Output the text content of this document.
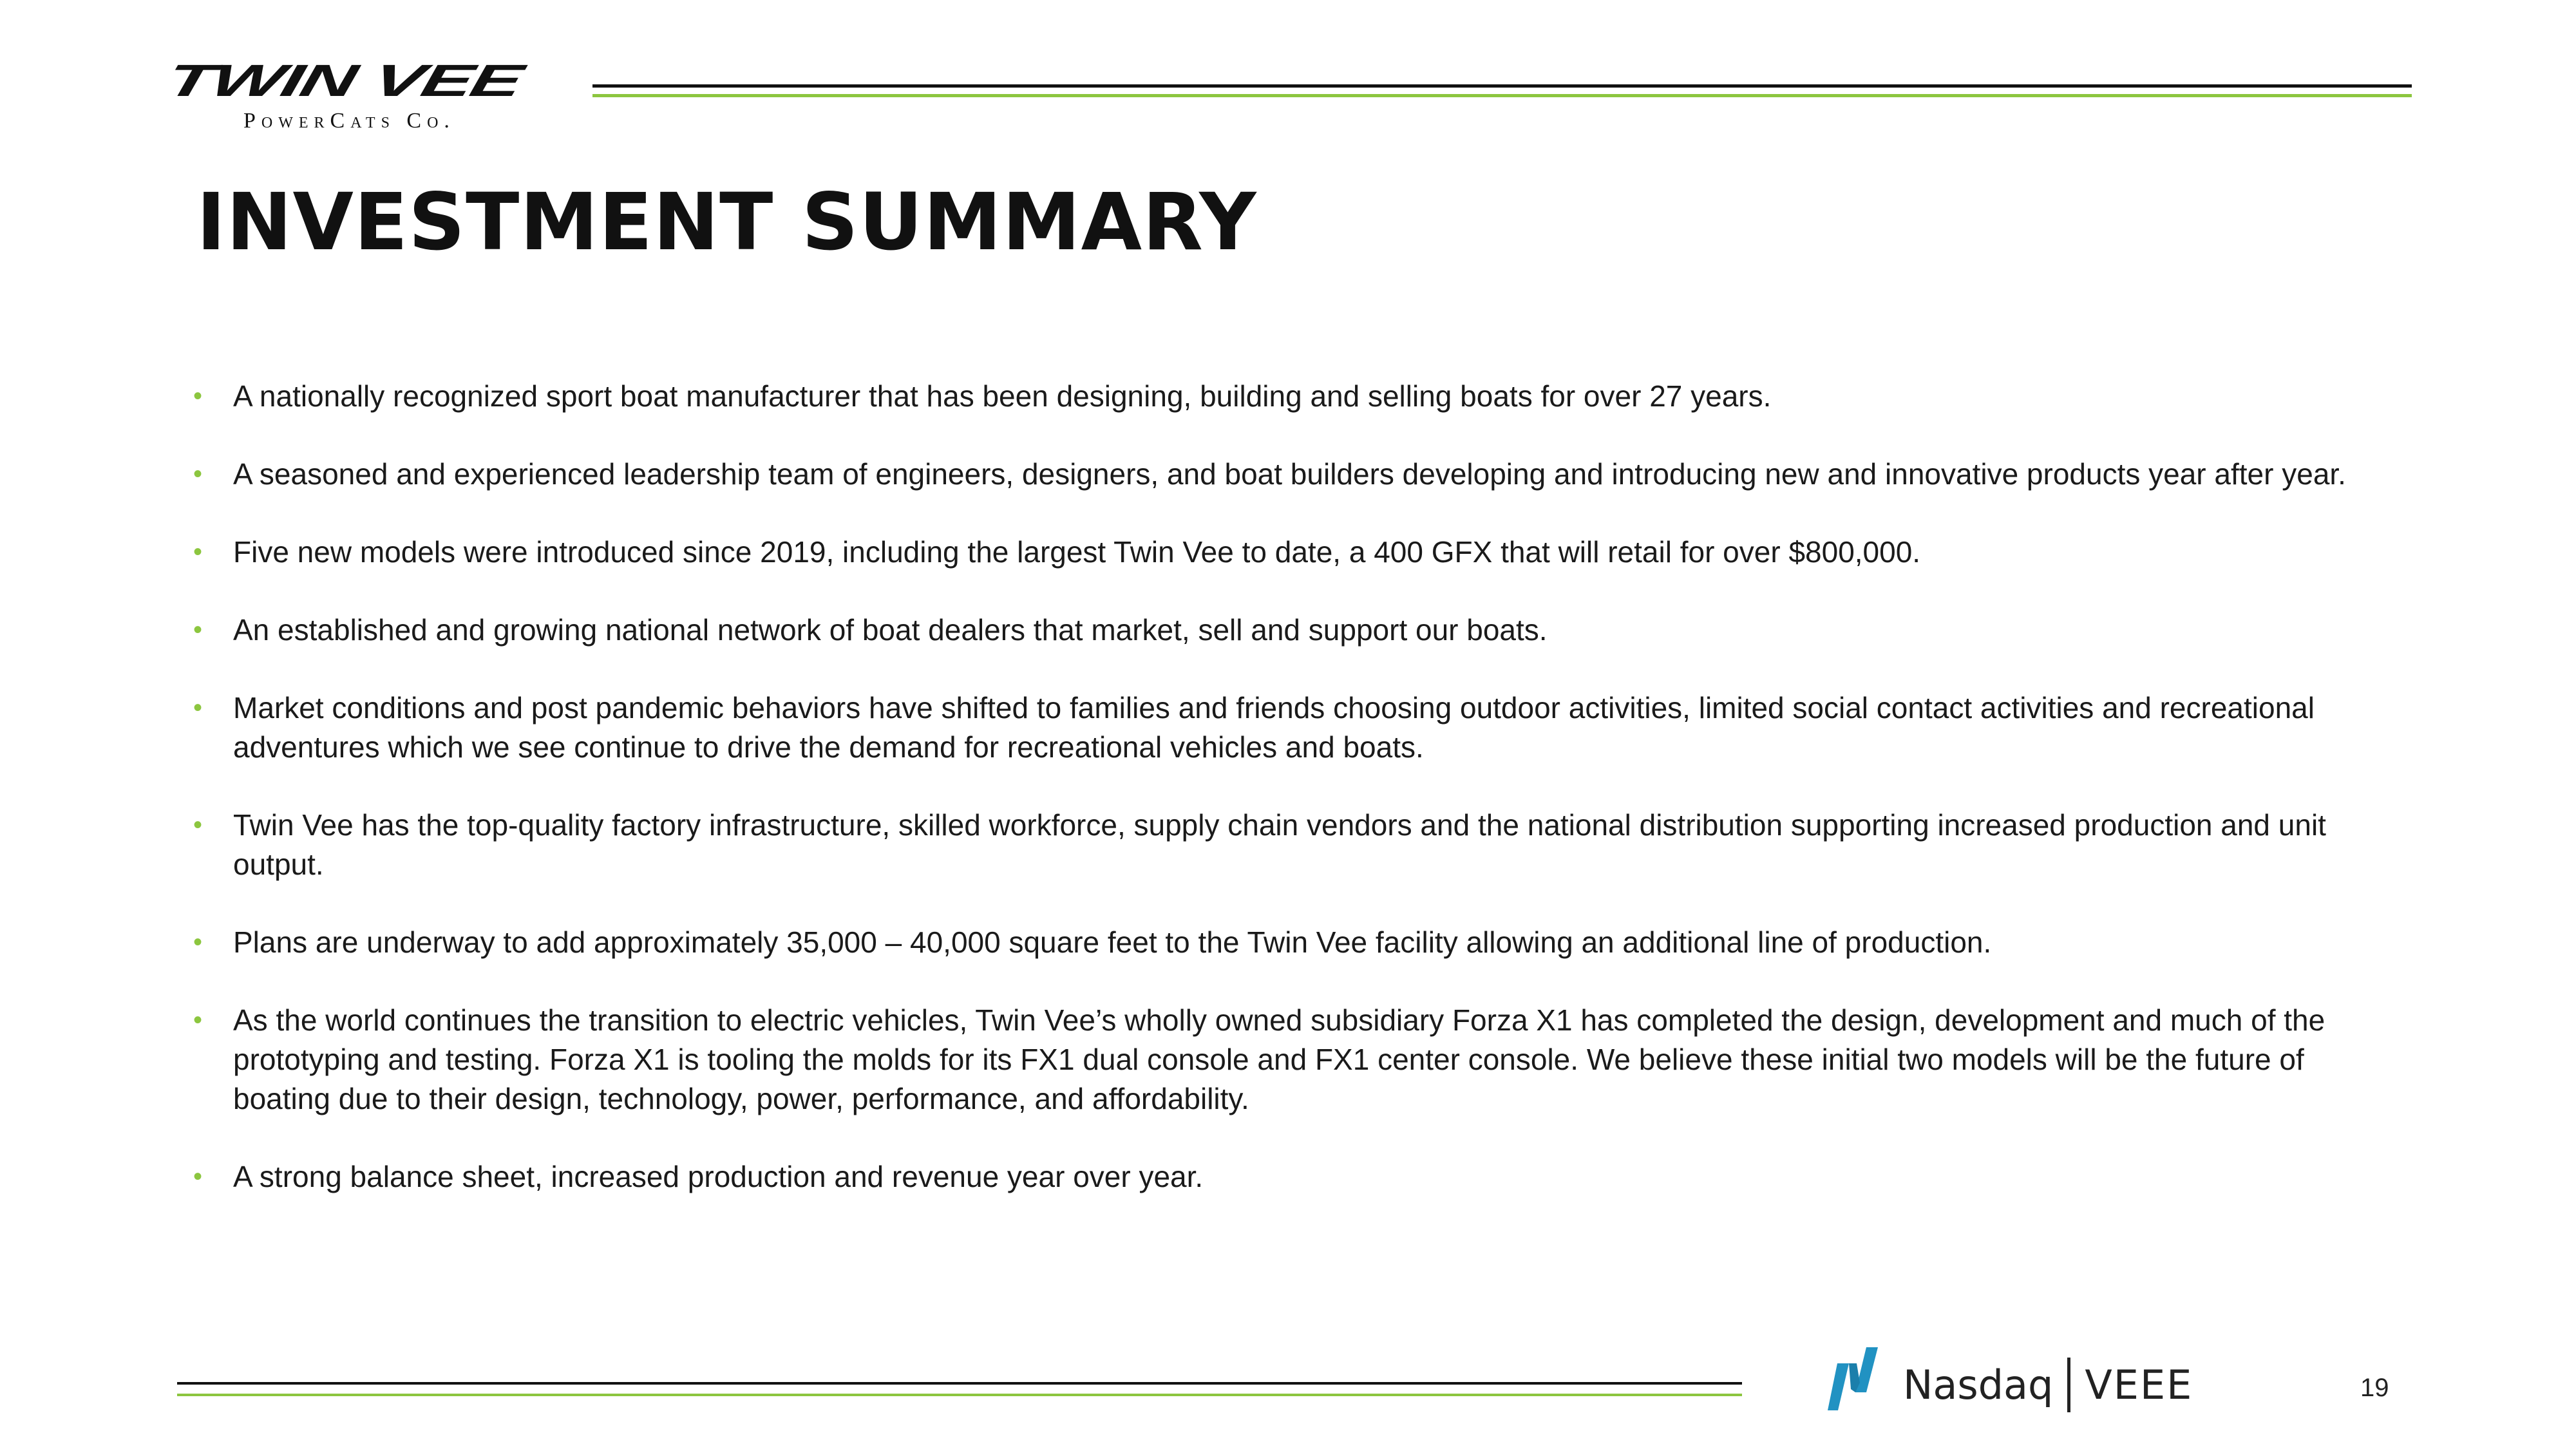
TWIN VEE
PowerCats Co.
INVESTMENT SUMMARY
• A nationally recognized sport boat manufacturer that has been designing, building and selling boats for over 27 years.
• A seasoned and experienced leadership team of engineers, designers, and boat builders developing and introducing new and innovative products year after year.
• Five new models were introduced since 2019, including the largest Twin Vee to date, a 400 GFX that will retail for over $800,000.
• An established and growing national network of boat dealers that market, sell and support our boats.
• Market conditions and post pandemic behaviors have shifted to families and friends choosing outdoor activities, limited social contact activities and recreational adventures which we see continue to drive the demand for recreational vehicles and boats.
• Twin Vee has the top-quality factory infrastructure, skilled workforce, supply chain vendors and the national distribution supporting increased production and unit output.
• Plans are underway to add approximately 35,000 – 40,000 square feet to the Twin Vee facility allowing an additional line of production.
• As the world continues the transition to electric vehicles, Twin Vee’s wholly owned subsidiary Forza X1 has completed the design, development and much of the prototyping and testing. Forza X1 is tooling the molds for its FX1 dual console and FX1 center console. We believe these initial two models will be the future of boating due to their design, technology, power, performance, and affordability.
• A strong balance sheet, increased production and revenue year over year.
Nasdaq VEEE	19
